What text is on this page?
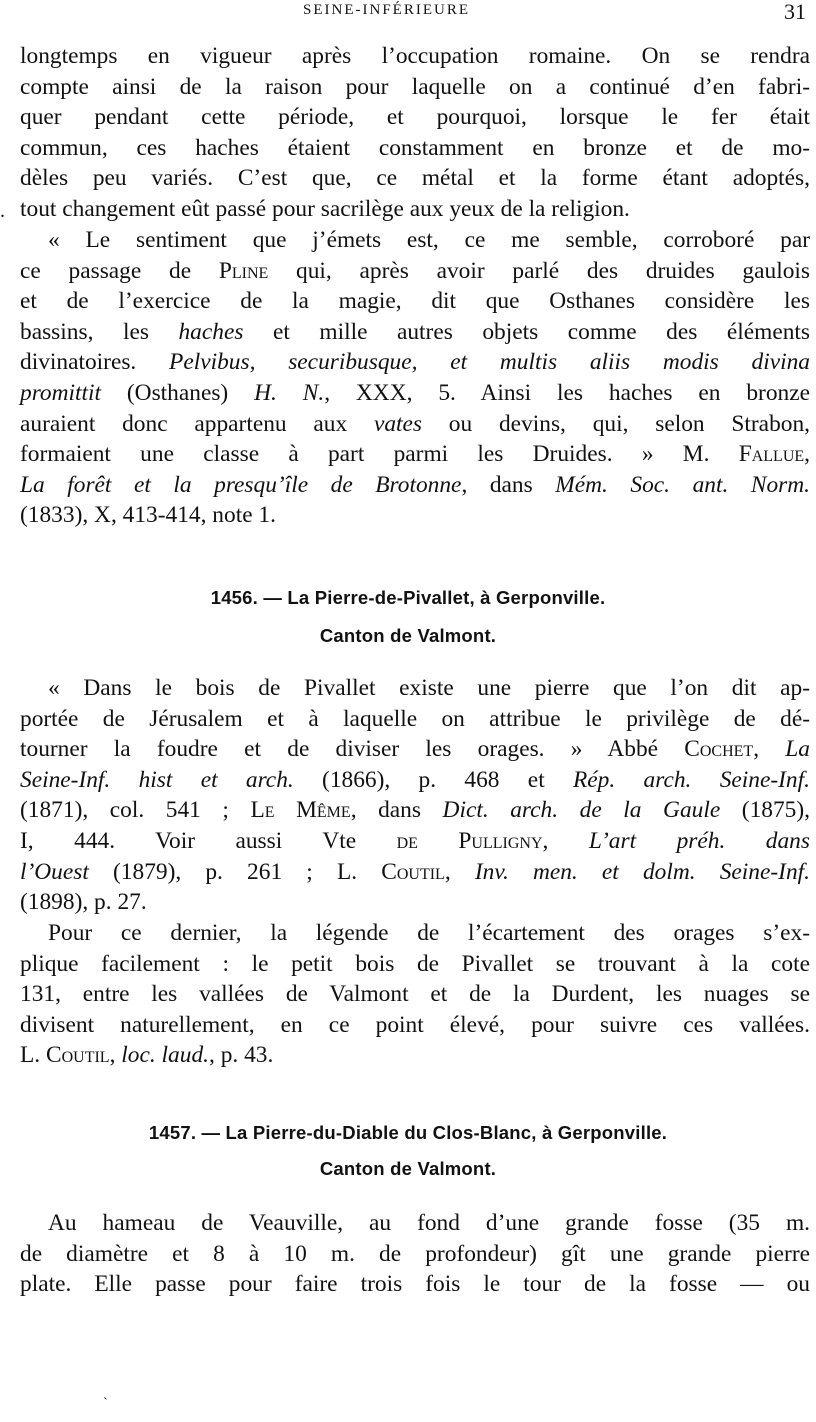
SEINE-INFÉRIEURE	31
longtemps en vigueur après l’occupation romaine. On se rendra
compte ainsi de la raison pour laquelle on a continué d’en fabri-
quer pendant cette période, et pourquoi, lorsque le fer était
commun, ces haches étaient constamment en bronze et de mo-
dèles peu variés. C’est que, ce métal et la forme étant adoptés,
tout changement eût passé pour sacrilège aux yeux de la religion.
« Le sentiment que j’émets est, ce me semble, corroboré par
ce passage de Pline qui, après avoir parlé des druides gaulois
et de l’exercice de la magie, dit que Osthanes considère les
bassins, les haches et mille autres objets comme des éléments
divinatoires. Pelvibus, securibusque, et multis aliis modis divina
promittit (Osthanes) H. N., XXX, 5. Ainsi les haches en bronze
auraient donc appartenu aux vates ou devins, qui, selon Strabon,
formaient une classe à part parmi les Druides. » M. Fallue,
La forêt et la presqu’île de Brotonne, dans Mém. Soc. ant. Norm.
(1833), X, 413-414, note 1.
1456. — La Pierre-de-Pivallet, à Gerponville.
Canton de Valmont.
« Dans le bois de Pivallet existe une pierre que l’on dit ap-
portée de Jérusalem et à laquelle on attribue le privilège de dé-
tourner la foudre et de diviser les orages. » Abbé Cochet, La
Seine-Inf. hist et arch. (1866), p. 468 et Rép. arch. Seine-Inf.
(1871), col. 541 ; Le Même, dans Dict. arch. de la Gaule (1875),
I, 444. Voir aussi Vte de Pulligny, L’art préh. dans
l’Ouest (1879), p. 261 ; L. Coutil, Inv. men. et dolm. Seine-Inf.
(1898), p. 27.
Pour ce dernier, la légende de l’écartement des orages s’ex-
plique facilement : le petit bois de Pivallet se trouvant à la cote
131, entre les vallées de Valmont et de la Durdent, les nuages se
divisent naturellement, en ce point élevé, pour suivre ces vallées.
L. Coutil, loc. laud., p. 43.
1457. — La Pierre-du-Diable du Clos-Blanc, à Gerponville.
Canton de Valmont.
Au hameau de Veauville, au fond d’une grande fosse (35 m.
de diamètre et 8 à 10 m. de profondeur) gît une grande pierre
plate. Elle passe pour faire trois fois le tour de la fosse — ou
.
`
